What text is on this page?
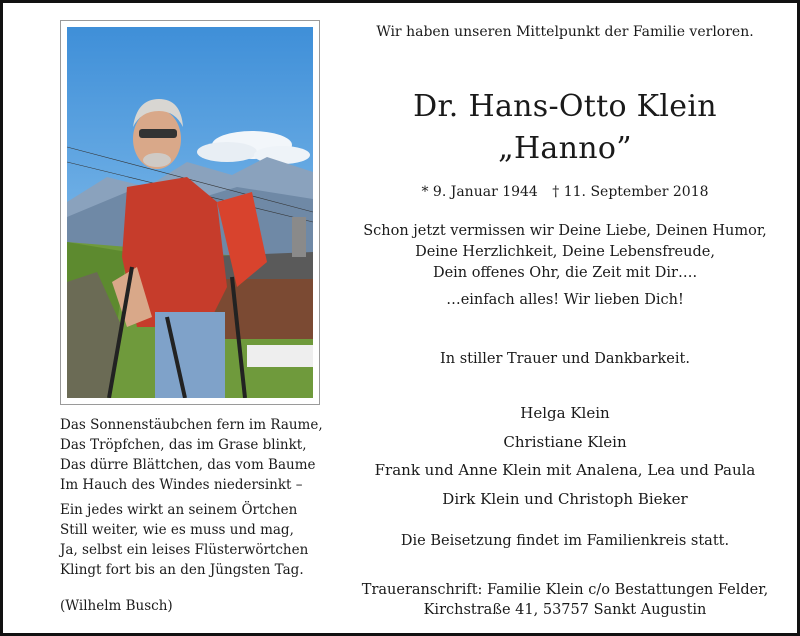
Das Sonnenstäubchen fern im Raume,

Das Tröpfchen, das im Grase blinkt,

Das dürre Blättchen, das vom Baume

Im Hauch des Windes niedersinkt –

Ein jedes wirkt an seinem Örtchen

Still weiter, wie es muss und mag,

Ja, selbst ein leises Flüsterwörtchen

Klingt fort bis an den Jüngsten Tag.

(Wilhelm Busch)
Wir haben unseren Mittelpunkt der Familie verloren.
Dr. Hans-Otto Klein
„Hanno”
* 9. Januar 1944 † 11. September 2018

Schon jetzt vermissen wir Deine Liebe, Deinen Humor,

Deine Herzlichkeit, Deine Lebensfreude,

Dein offenes Ohr, die Zeit mit Dir….

…einfach alles! Wir lieben Dich!
In stiller Trauer und Dankbarkeit.

Helga Klein

Christiane Klein

Frank und Anne Klein mit Analena, Lea und Paula

Dirk Klein und Christoph Bieker

Die Beisetzung findet im Familienkreis statt.

Traueranschrift: Familie Klein c/o Bestattungen Felder,

Kirchstraße 41, 53757 Sankt Augustin
